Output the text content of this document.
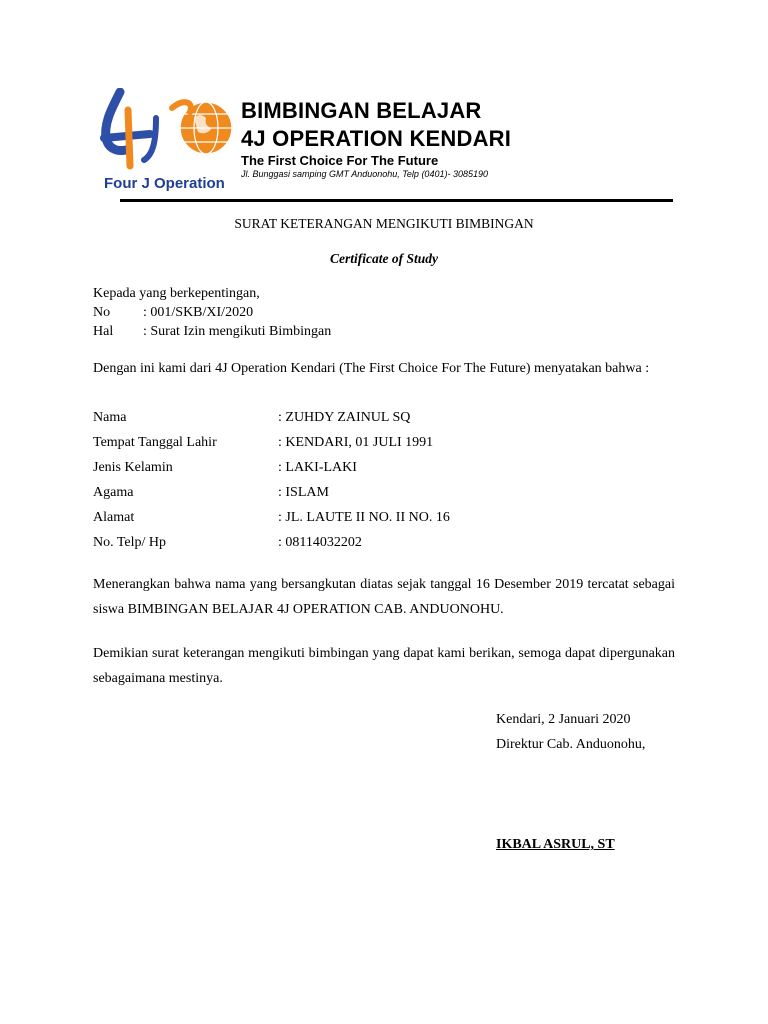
Four J Operation
BIMBINGAN BELAJAR
4J OPERATION KENDARI
The First Choice For The Future
Jl. Bunggasi samping GMT Anduonohu, Telp (0401)- 3085190
SURAT KETERANGAN MENGIKUTI BIMBINGAN
Certificate of Study
Kepada yang berkepentingan,
No : 001/SKB/XI/2020
Hal : Surat Izin mengikuti Bimbingan
Dengan ini kami dari 4J Operation Kendari (The First Choice For The Future) menyatakan bahwa :
Nama	: ZUHDY ZAINUL SQ
Tempat Tanggal Lahir	: KENDARI, 01 JULI 1991
Jenis Kelamin	: LAKI-LAKI
Agama	: ISLAM
Alamat	: JL. LAUTE II NO. II NO. 16
No. Telp/ Hp	: 08114032202
Menerangkan bahwa nama yang bersangkutan diatas sejak tanggal 16 Desember 2019 tercatat sebagai siswa BIMBINGAN BELAJAR 4J OPERATION CAB. ANDUONOHU.
Demikian surat keterangan mengikuti bimbingan yang dapat kami berikan, semoga dapat dipergunakan sebagaimana mestinya.
Kendari, 2 Januari 2020
Direktur Cab. Anduonohu,
IKBAL ASRUL, ST
